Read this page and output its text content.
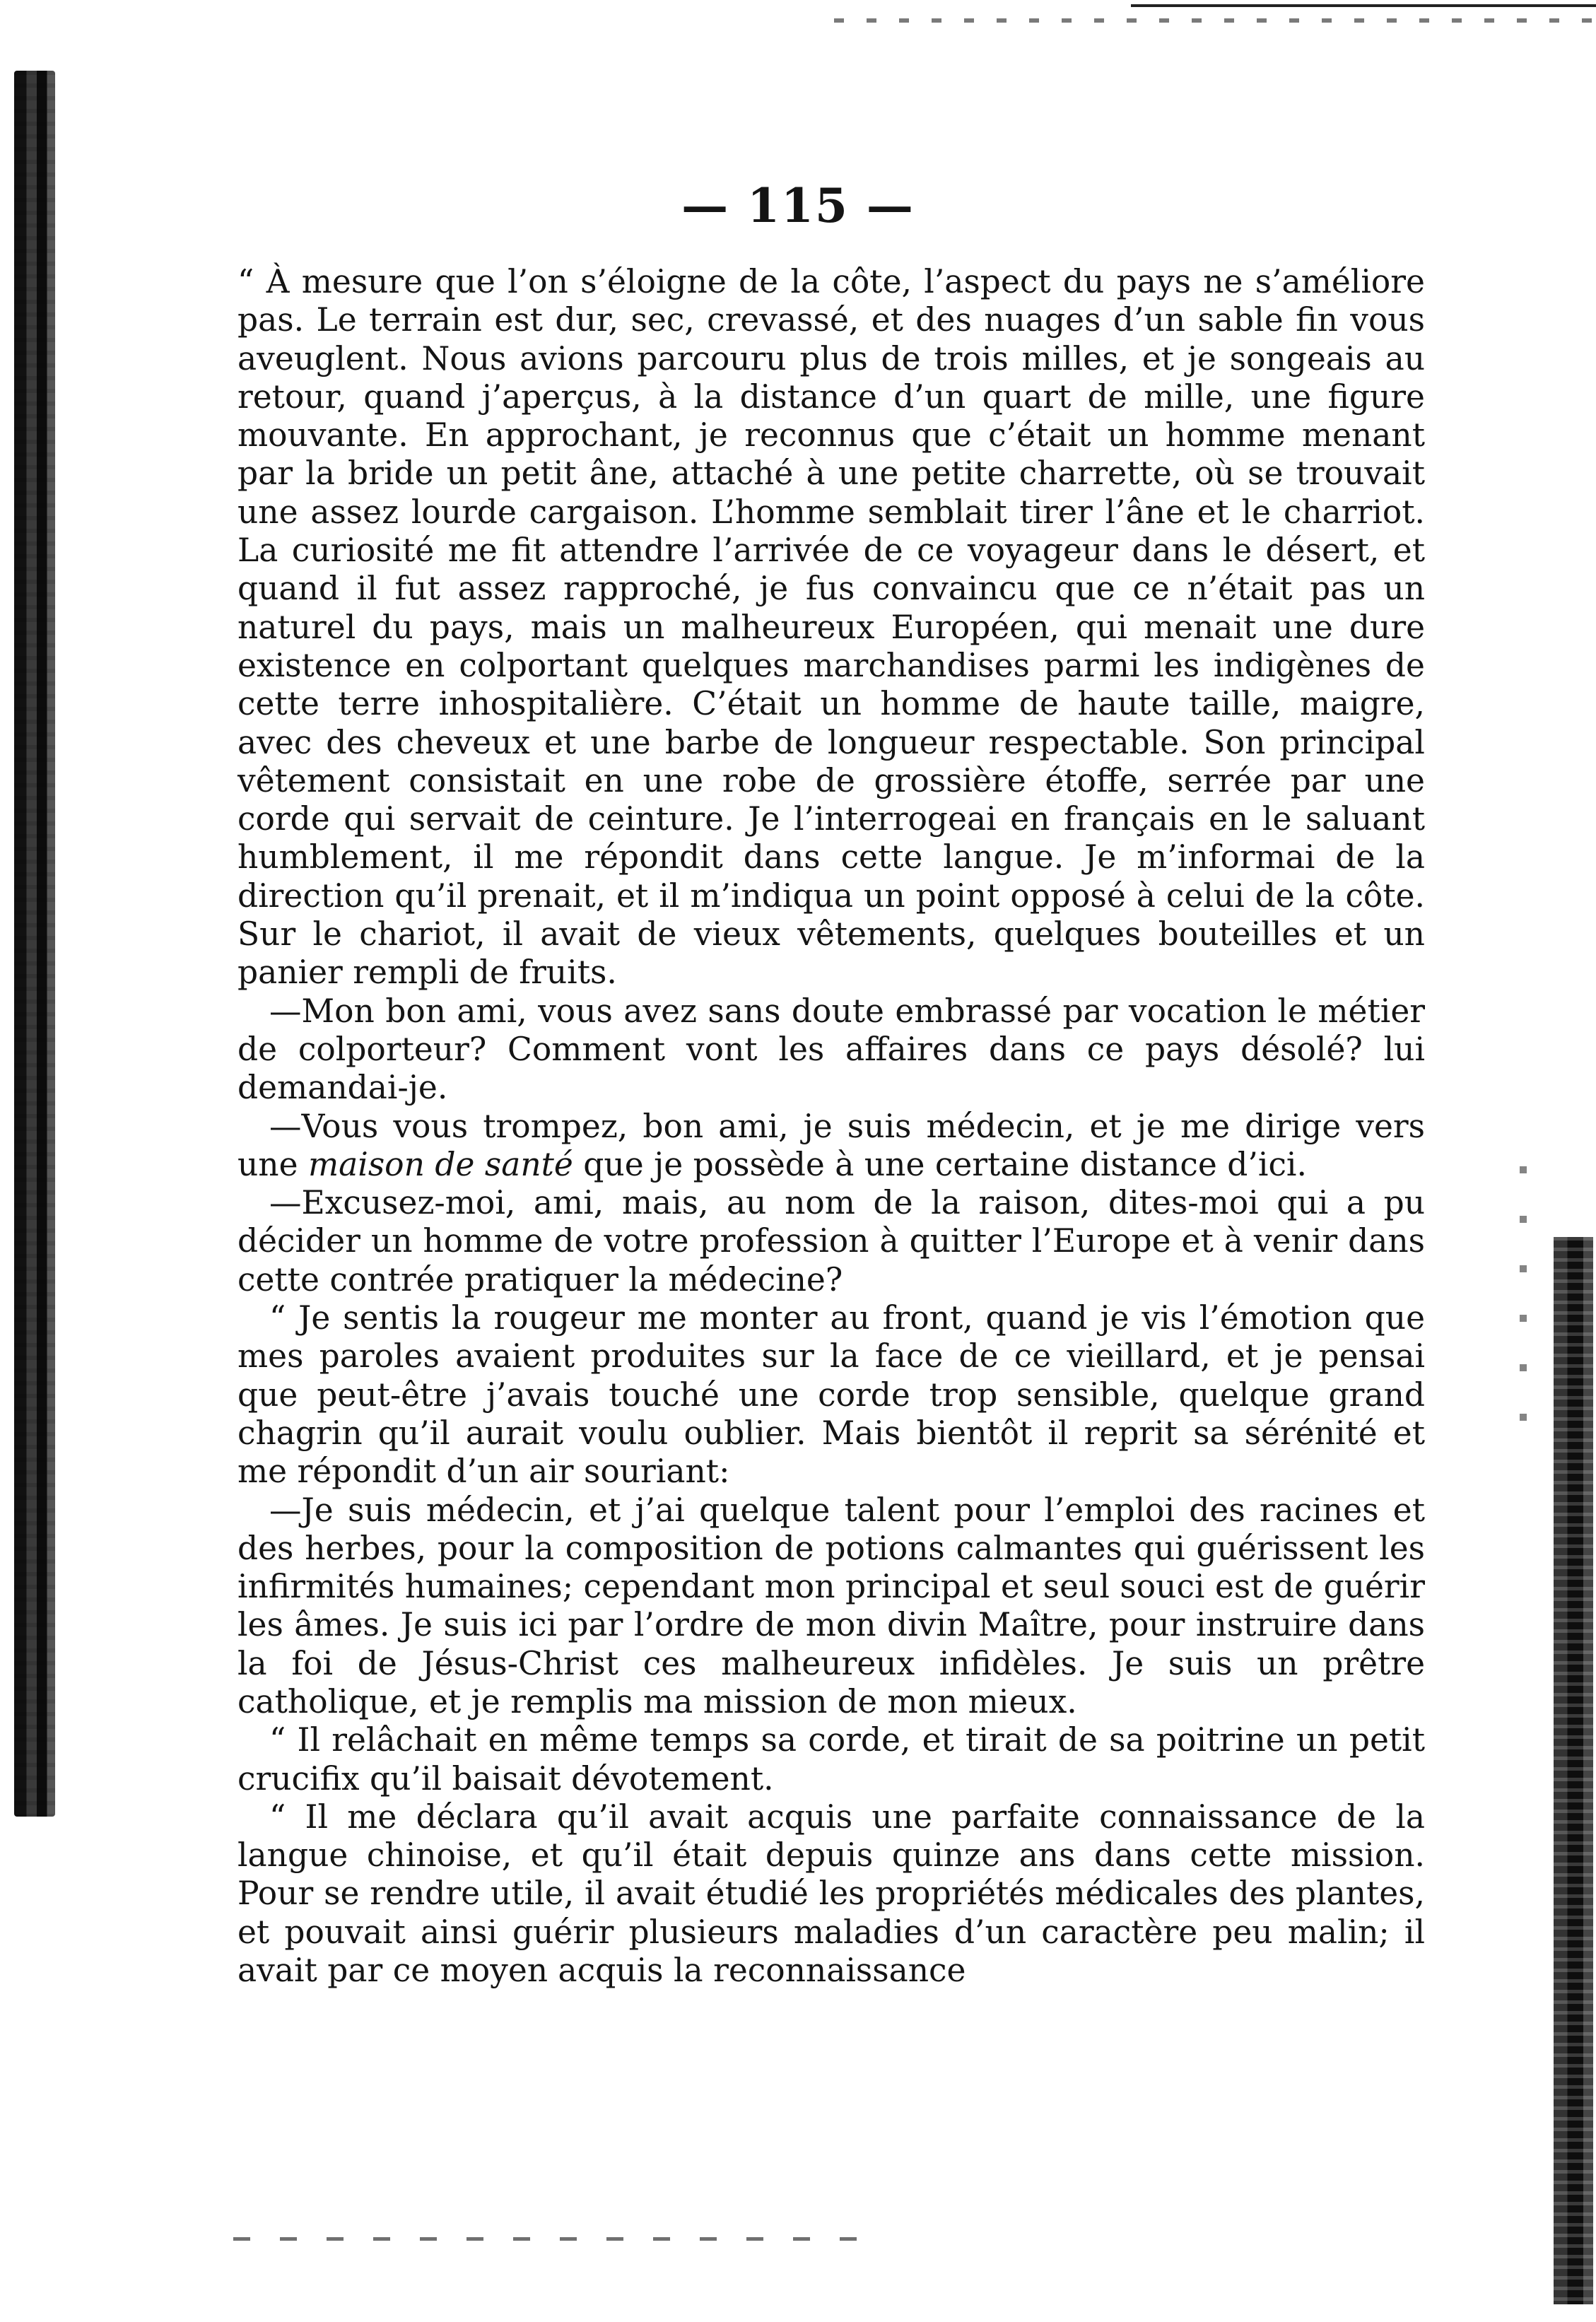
— 115 —

“ À mesure que l’on s’éloigne de la côte, l’aspect du pays ne s’améliore pas. Le terrain est dur, sec, crevassé, et des nuages d’un sable fin vous aveuglent. Nous avions parcouru plus de trois milles, et je songeais au retour, quand j’aperçus, à la distance d’un quart de mille, une figure mouvante. En approchant, je reconnus que c’était un homme menant par la bride un petit âne, attaché à une petite charrette, où se trouvait une assez lourde cargaison. L’homme semblait tirer l’âne et le charriot. La curiosité me fit attendre l’arrivée de ce voyageur dans le désert, et quand il fut assez rapproché, je fus convaincu que ce n’était pas un naturel du pays, mais un malheureux Européen, qui menait une dure existence en colportant quelques marchandises parmi les indigènes de cette terre inhospitalière. C’était un homme de haute taille, maigre, avec des cheveux et une barbe de longueur respectable. Son principal vêtement consistait en une robe de grossière étoffe, serrée par une corde qui servait de ceinture. Je l’interrogeai en français en le saluant humblement, il me répondit dans cette langue. Je m’informai de la direction qu’il prenait, et il m’indiqua un point opposé à celui de la côte. Sur le chariot, il avait de vieux vêtements, quelques bouteilles et un panier rempli de fruits.

—Mon bon ami, vous avez sans doute embrassé par vocation le métier de colporteur? Comment vont les affaires dans ce pays désolé? lui demandai-je.

—Vous vous trompez, bon ami, je suis médecin, et je me dirige vers une maison de santé que je possède à une certaine distance d’ici.

—Excusez-moi, ami, mais, au nom de la raison, dites-moi qui a pu décider un homme de votre profession à quitter l’Europe et à venir dans cette contrée pratiquer la médecine?

“ Je sentis la rougeur me monter au front, quand je vis l’émotion que mes paroles avaient produites sur la face de ce vieillard, et je pensai que peut-être j’avais touché une corde trop sensible, quelque grand chagrin qu’il aurait voulu oublier. Mais bientôt il reprit sa sérénité et me répondit d’un air souriant:

—Je suis médecin, et j’ai quelque talent pour l’emploi des racines et des herbes, pour la composition de potions calmantes qui guérissent les infirmités humaines; cependant mon principal et seul souci est de guérir les âmes. Je suis ici par l’ordre de mon divin Maître, pour instruire dans la foi de Jésus-Christ ces malheureux infidèles. Je suis un prêtre catholique, et je remplis ma mission de mon mieux.

“ Il relâchait en même temps sa corde, et tirait de sa poitrine un petit crucifix qu’il baisait dévotement.

“ Il me déclara qu’il avait acquis une parfaite connaissance de la langue chinoise, et qu’il était depuis quinze ans dans cette mission. Pour se rendre utile, il avait étudié les propriétés médicales des plantes, et pouvait ainsi guérir plusieurs maladies d’un caractère peu malin; il avait par ce moyen acquis la reconnaissance
